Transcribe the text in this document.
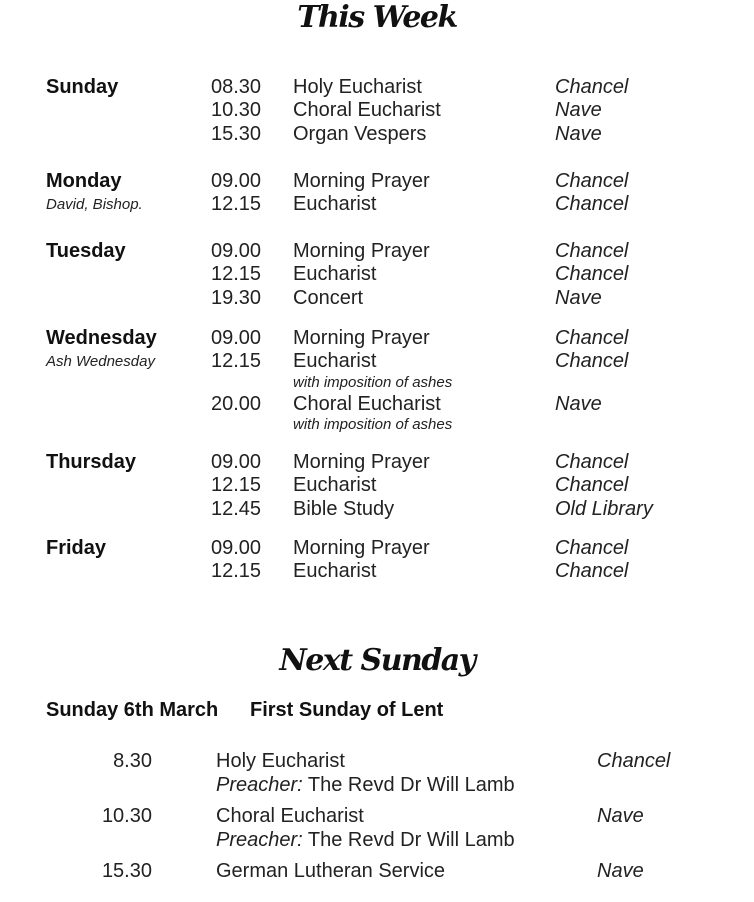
This Week
Sunday	08.30 Holy Eucharist	Chancel
10.30 Choral Eucharist	Nave
15.30 Organ Vespers	Nave
Monday
David, Bishop.
09.00 Morning Prayer	Chancel
12.15 Eucharist	Chancel
Tuesday	09.00 Morning Prayer	Chancel
12.15 Eucharist	Chancel
19.30 Concert	Nave
Wednesday
Ash Wednesday
09.00 Morning Prayer	Chancel
12.15 Eucharist	Chancel
with imposition of ashes
20.00 Choral Eucharist	Nave
with imposition of ashes
Thursday	09.00 Morning Prayer	Chancel
12.15 Eucharist	Chancel
12.45 Bible Study	Old Library
Friday	09.00 Morning Prayer	Chancel
12.15 Eucharist	Chancel
Next Sunday
Sunday 6th March First Sunday of Lent
8.30	Holy Eucharist	Chancel
Preacher: The Revd Dr Will Lamb
10.30	Choral Eucharist	Nave
Preacher: The Revd Dr Will Lamb
15.30	German Lutheran Service	Nave
